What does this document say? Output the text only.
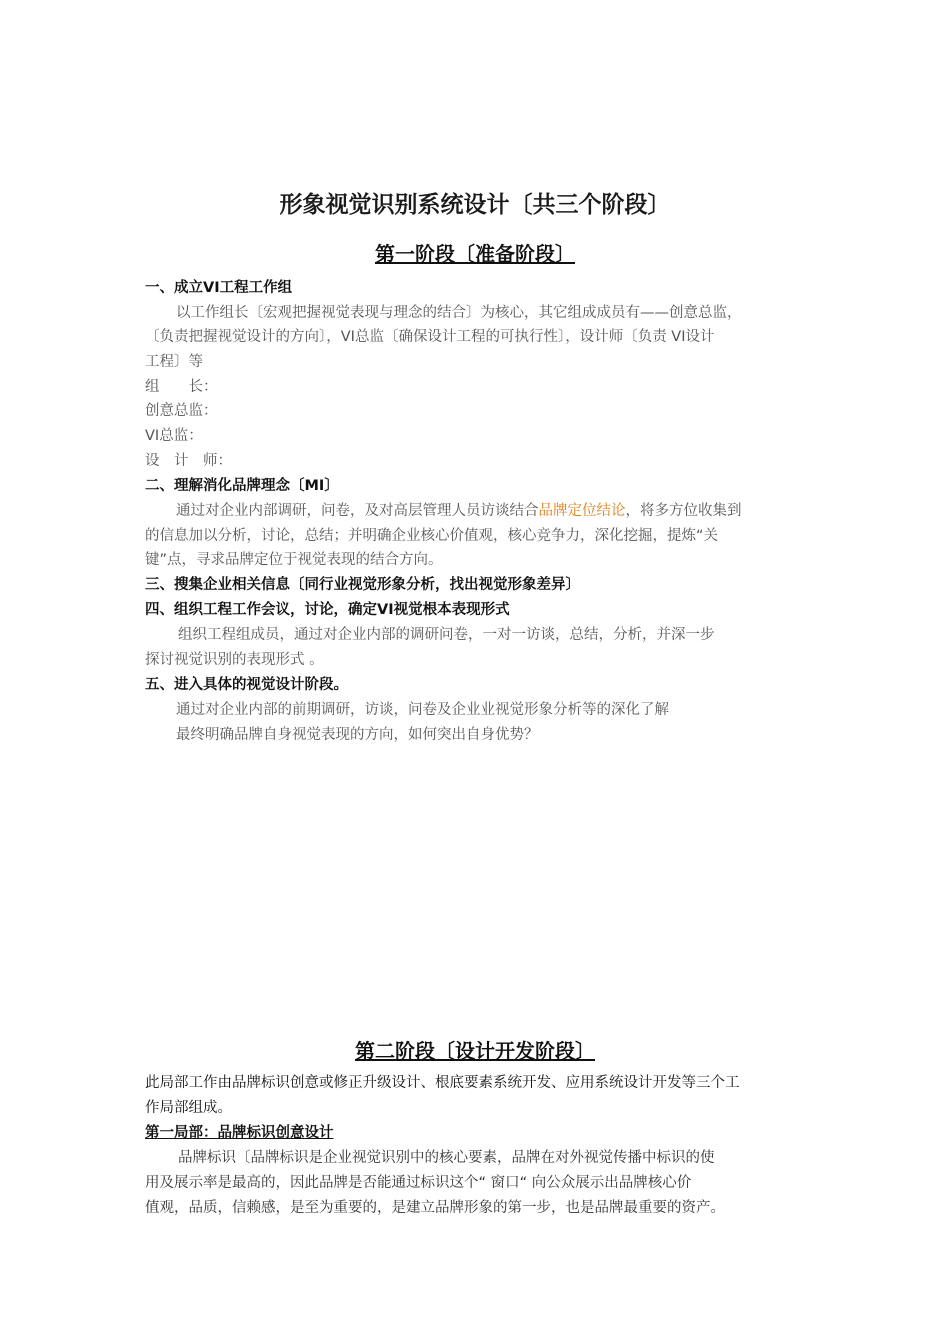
形象视觉识别系统设计〔共三个阶段〕
第一阶段〔准备阶段〕
一、成立VI工程工作组
以工作组长〔宏观把握视觉表现与理念的结合〕为核心，其它组成成员有——创意总监，
〔负责把握视觉设计的方向〕，VI总监〔确保设计工程的可执行性〕，设计师〔负责 VI设计
工程〕等
组　　长：
创意总监：
VI总监：
设　计　师：
二、理解消化品牌理念〔MI〕
通过对企业内部调研，问卷，及对高层管理人员访谈结合品牌定位结论，将多方位收集到
的信息加以分析，讨论，总结；并明确企业核心价值观，核心竞争力，深化挖掘，提炼“关
键”点，寻求品牌定位于视觉表现的结合方向。
三、搜集企业相关信息〔同行业视觉形象分析，找出视觉形象差异〕
四、组织工程工作会议，讨论，确定VI视觉根本表现形式
组织工程组成员，通过对企业内部的调研问卷，一对一访谈，总结，分析，并深一步
探讨视觉识别的表现形式 。
五、进入具体的视觉设计阶段。
通过对企业内部的前期调研，访谈，问卷及企业业视觉形象分析等的深化了解
最终明确品牌自身视觉表现的方向，如何突出自身优势？
第二阶段〔设计开发阶段〕
此局部工作由品牌标识创意或修正升级设计、根底要素系统开发、应用系统设计开发等三个工
作局部组成。
第一局部：品牌标识创意设计
品牌标识〔品牌标识是企业视觉识别中的核心要素，品牌在对外视觉传播中标识的使
用及展示率是最高的，因此品牌是否能通过标识这个“ 窗口“ 向公众展示出品牌核心价
值观，品质，信赖感，是至为重要的，是建立品牌形象的第一步，也是品牌最重要的资产。
